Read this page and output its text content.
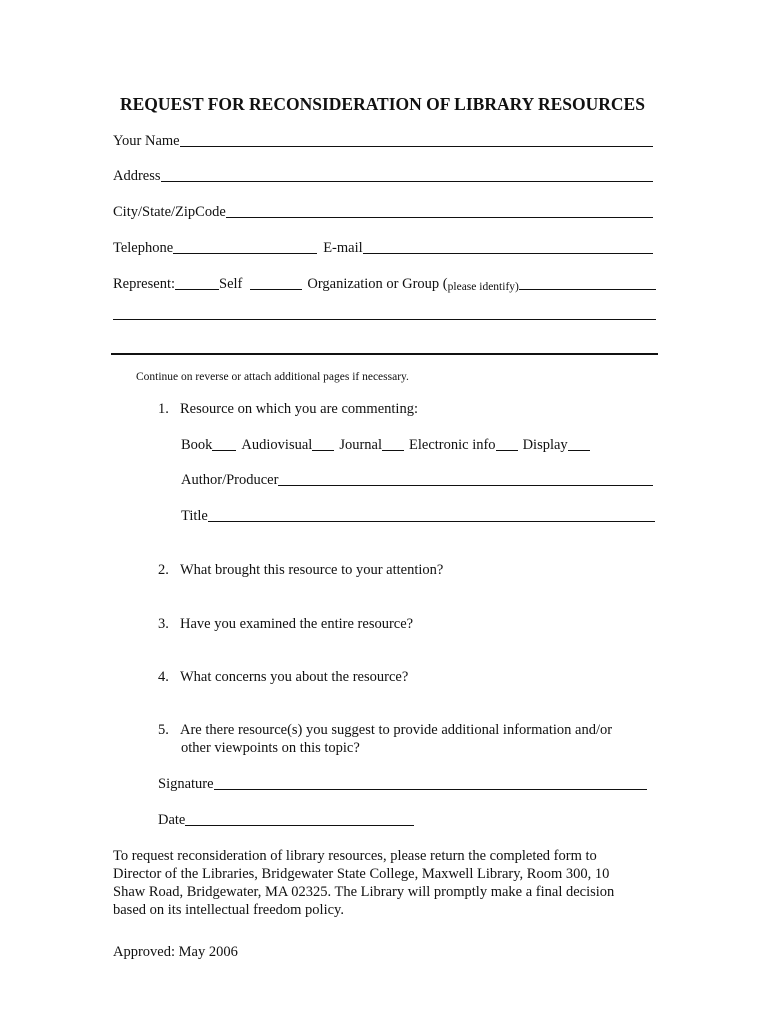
REQUEST FOR RECONSIDERATION OF LIBRARY RESOURCES
Your Name
Address
City/State/ZipCode
Telephone	E-mail
Represent:	Self	Organization or Group ( please identify)
Continue on reverse or attach additional pages if necessary.
1. Resource on which you are commenting:
Book Audiovisual Journal Electronic info Display
Author/Producer
Title
2. What brought this resource to your attention?
3. Have you examined the entire resource?
4. What concerns you about the resource?
5. Are there resource(s) you suggest to provide additional information and/or
other viewpoints on this topic?
Signature
Date
To request reconsideration of library resources, please return the completed form to
Director of the Libraries, Bridgewater State College, Maxwell Library, Room 300, 10
Shaw Road, Bridgewater, MA 02325. The Library will promptly make a final decision
based on its intellectual freedom policy.
Approved: May 2006
